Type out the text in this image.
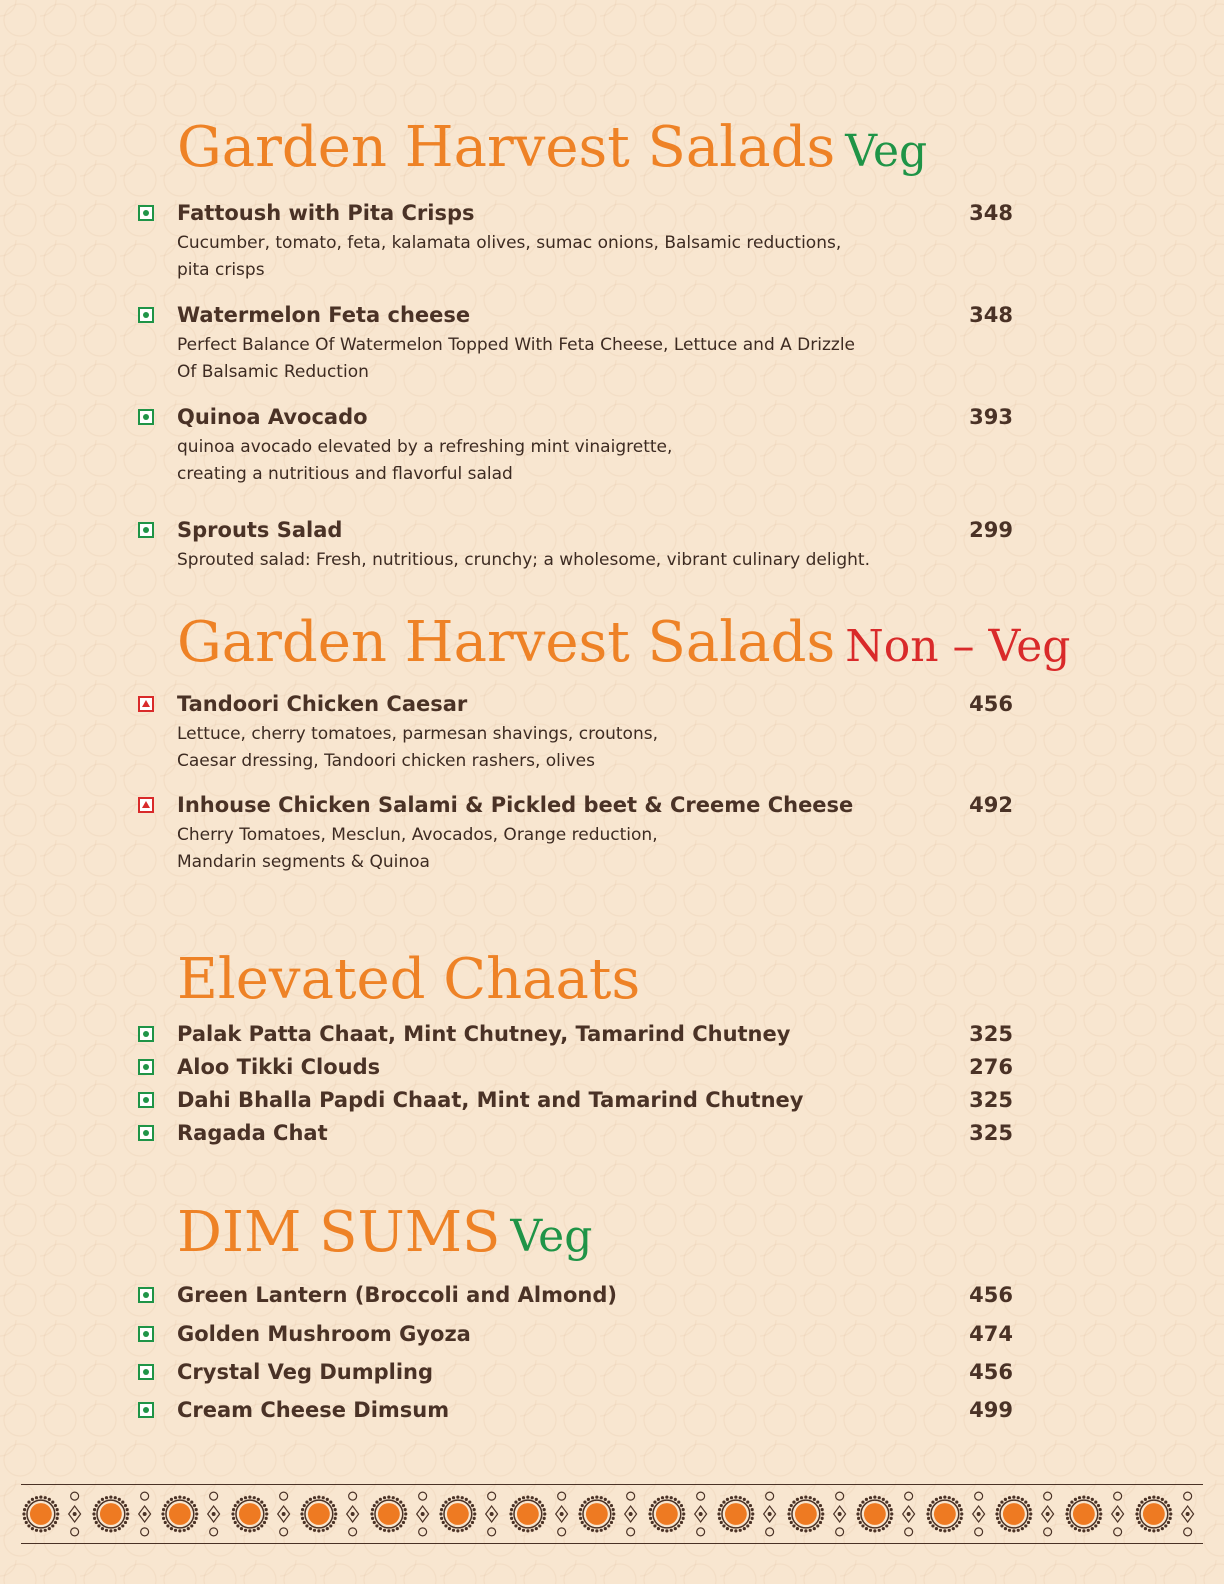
Garden Harvest Salads Veg
Fattoush with Pita Crisps	348
Cucumber, tomato, feta, kalamata olives, sumac onions, Balsamic reductions,
pita crisps
Watermelon Feta cheese	348
Perfect Balance Of Watermelon Topped With Feta Cheese, Lettuce and A Drizzle
Of Balsamic Reduction
Quinoa Avocado	393
quinoa avocado elevated by a refreshing mint vinaigrette,
creating a nutritious and flavorful salad
Sprouts Salad	299
Sprouted salad: Fresh, nutritious, crunchy; a wholesome, vibrant culinary delight.
Garden Harvest Salads Non – Veg
Tandoori Chicken Caesar	456
Lettuce, cherry tomatoes, parmesan shavings, croutons,
Caesar dressing, Tandoori chicken rashers, olives
Inhouse Chicken Salami & Pickled beet & Creeme Cheese	492
Cherry Tomatoes, Mesclun, Avocados, Orange reduction,
Mandarin segments & Quinoa
Elevated Chaats
Palak Patta Chaat, Mint Chutney, Tamarind Chutney	325
Aloo Tikki Clouds	276
Dahi Bhalla Papdi Chaat, Mint and Tamarind Chutney	325
Ragada Chat	325
DIM SUMS Veg
Green Lantern (Broccoli and Almond)	456
Golden Mushroom Gyoza	474
Crystal Veg Dumpling	456
Cream Cheese Dimsum	499
